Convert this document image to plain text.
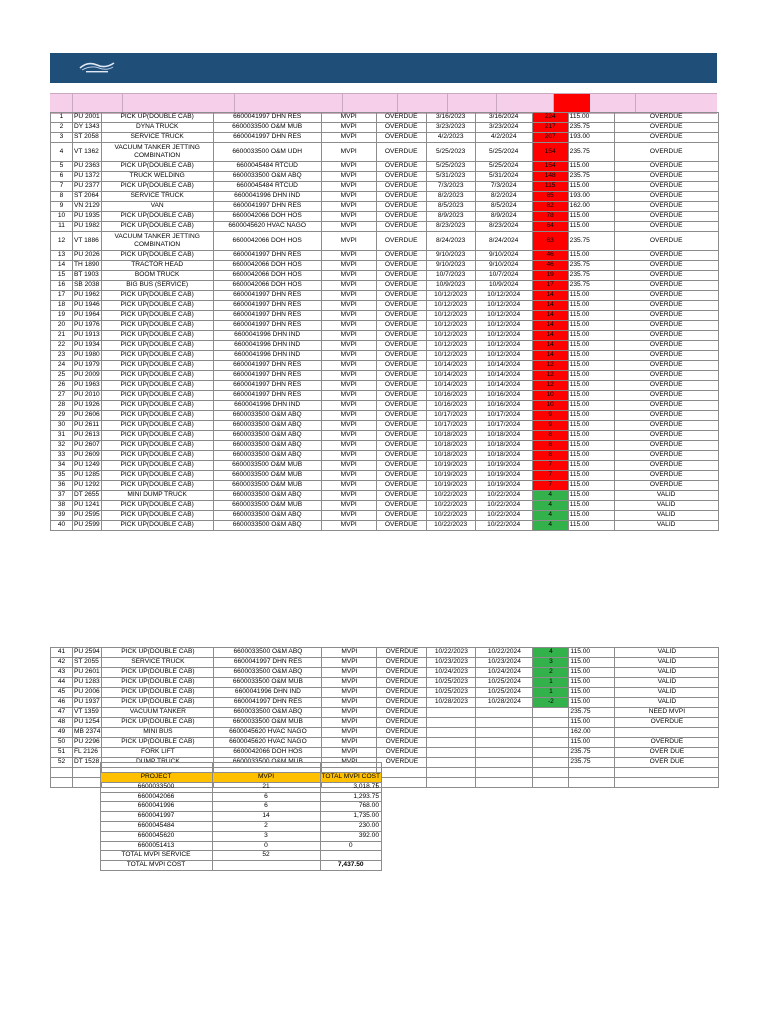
1	PU 2001	PICK UP(DOUBLE CAB)	6600041997 DHN RES	MVPI	OVERDUE	3/16/2023	3/16/2024	224	115.00	OVERDUE
2	DY 1343	DYNA TRUCK	6600033500 O&M MUB	MVPI	OVERDUE	3/23/2023	3/23/2024	217	235.75	OVERDUE
3	ST 2058	SERVICE TRUCK	6600041997 DHN RES	MVPI	OVERDUE	4/2/2023	4/2/2024	207	193.00	OVERDUE
4	VT 1362	VACUUM TANKER JETTING COMBINATION	6600033500 O&M UDH	MVPI	OVERDUE	5/25/2023	5/25/2024	154	235.75	OVERDUE
5	PU 2363	PICK UP(DOUBLE CAB)	6600045484 RTCUD	MVPI	OVERDUE	5/25/2023	5/25/2024	154	115.00	OVERDUE
6	PU 1372	TRUCK WELDING	6600033500 O&M ABQ	MVPI	OVERDUE	5/31/2023	5/31/2024	148	235.75	OVERDUE
7	PU 2377	PICK UP(DOUBLE CAB)	6600045484 RTCUD	MVPI	OVERDUE	7/3/2023	7/3/2024	115	115.00	OVERDUE
8	ST 2064	SERVICE TRUCK	6600041996 DHN IND	MVPI	OVERDUE	8/2/2023	8/2/2024	85	193.00	OVERDUE
9	VN 2129	VAN	6600041997 DHN RES	MVPI	OVERDUE	8/5/2023	8/5/2024	82	162.00	OVERDUE
10	PU 1935	PICK UP(DOUBLE CAB)	6600042066 DOH HOS	MVPI	OVERDUE	8/9/2023	8/9/2024	78	115.00	OVERDUE
11	PU 1982	PICK UP(DOUBLE CAB)	6600045620 HVAC NAGO	MVPI	OVERDUE	8/23/2023	8/23/2024	64	115.00	OVERDUE
12	VT 1886	VACUUM TANKER JETTING COMBINATION	6600042066 DOH HOS	MVPI	OVERDUE	8/24/2023	8/24/2024	63	235.75	OVERDUE
13	PU 2026	PICK UP(DOUBLE CAB)	6600041997 DHN RES	MVPI	OVERDUE	9/10/2023	9/10/2024	46	115.00	OVERDUE
14	TH 1890	TRACTOR HEAD	6600042066 DOH HOS	MVPI	OVERDUE	9/10/2023	9/10/2024	46	235.75	OVERDUE
15	BT 1903	BOOM TRUCK	6600042066 DOH HOS	MVPI	OVERDUE	10/7/2023	10/7/2024	19	235.75	OVERDUE
16	SB 2038	BIG BUS (SERVICE)	6600042066 DOH HOS	MVPI	OVERDUE	10/9/2023	10/9/2024	17	235.75	OVERDUE
17	PU 1962	PICK UP(DOUBLE CAB)	6600041997 DHN RES	MVPI	OVERDUE	10/12/2023	10/12/2024	14	115.00	OVERDUE
18	PU 1946	PICK UP(DOUBLE CAB)	6600041997 DHN RES	MVPI	OVERDUE	10/12/2023	10/12/2024	14	115.00	OVERDUE
19	PU 1964	PICK UP(DOUBLE CAB)	6600041997 DHN RES	MVPI	OVERDUE	10/12/2023	10/12/2024	14	115.00	OVERDUE
20	PU 1976	PICK UP(DOUBLE CAB)	6600041997 DHN RES	MVPI	OVERDUE	10/12/2023	10/12/2024	14	115.00	OVERDUE
21	PU 1913	PICK UP(DOUBLE CAB)	6600041996 DHN IND	MVPI	OVERDUE	10/12/2023	10/12/2024	14	115.00	OVERDUE
22	PU 1934	PICK UP(DOUBLE CAB)	6600041996 DHN IND	MVPI	OVERDUE	10/12/2023	10/12/2024	14	115.00	OVERDUE
23	PU 1980	PICK UP(DOUBLE CAB)	6600041996 DHN IND	MVPI	OVERDUE	10/12/2023	10/12/2024	14	115.00	OVERDUE
24	PU 1979	PICK UP(DOUBLE CAB)	6600041997 DHN RES	MVPI	OVERDUE	10/14/2023	10/14/2024	12	115.00	OVERDUE
25	PU 2009	PICK UP(DOUBLE CAB)	6600041997 DHN RES	MVPI	OVERDUE	10/14/2023	10/14/2024	12	115.00	OVERDUE
26	PU 1963	PICK UP(DOUBLE CAB)	6600041997 DHN RES	MVPI	OVERDUE	10/14/2023	10/14/2024	12	115.00	OVERDUE
27	PU 2010	PICK UP(DOUBLE CAB)	6600041997 DHN RES	MVPI	OVERDUE	10/16/2023	10/16/2024	10	115.00	OVERDUE
28	PU 1926	PICK UP(DOUBLE CAB)	6600041996 DHN IND	MVPI	OVERDUE	10/16/2023	10/16/2024	10	115.00	OVERDUE
29	PU 2606	PICK UP(DOUBLE CAB)	6600033500 O&M ABQ	MVPI	OVERDUE	10/17/2023	10/17/2024	9	115.00	OVERDUE
30	PU 2611	PICK UP(DOUBLE CAB)	6600033500 O&M ABQ	MVPI	OVERDUE	10/17/2023	10/17/2024	9	115.00	OVERDUE
31	PU 2613	PICK UP(DOUBLE CAB)	6600033500 O&M ABQ	MVPI	OVERDUE	10/18/2023	10/18/2024	8	115.00	OVERDUE
32	PU 2607	PICK UP(DOUBLE CAB)	6600033500 O&M ABQ	MVPI	OVERDUE	10/18/2023	10/18/2024	8	115.00	OVERDUE
33	PU 2609	PICK UP(DOUBLE CAB)	6600033500 O&M ABQ	MVPI	OVERDUE	10/18/2023	10/18/2024	8	115.00	OVERDUE
34	PU 1249	PICK UP(DOUBLE CAB)	6600033500 O&M MUB	MVPI	OVERDUE	10/19/2023	10/19/2024	7	115.00	OVERDUE
35	PU 1285	PICK UP(DOUBLE CAB)	6600033500 O&M MUB	MVPI	OVERDUE	10/19/2023	10/19/2024	7	115.00	OVERDUE
36	PU 1292	PICK UP(DOUBLE CAB)	6600033500 O&M MUB	MVPI	OVERDUE	10/19/2023	10/19/2024	7	115.00	OVERDUE
37	DT 2655	MINI DUMP TRUCK	6600033500 O&M ABQ	MVPI	OVERDUE	10/22/2023	10/22/2024	4	115.00	VALID
38	PU 1241	PICK UP(DOUBLE CAB)	6600033500 O&M MUB	MVPI	OVERDUE	10/22/2023	10/22/2024	4	115.00	VALID
39	PU 2595	PICK UP(DOUBLE CAB)	6600033500 O&M ABQ	MVPI	OVERDUE	10/22/2023	10/22/2024	4	115.00	VALID
40	PU 2599	PICK UP(DOUBLE CAB)	6600033500 O&M ABQ	MVPI	OVERDUE	10/22/2023	10/22/2024	4	115.00	VALID
41	PU 2594	PICK UP(DOUBLE CAB)	6600033500 O&M ABQ	MVPI	OVERDUE	10/22/2023	10/22/2024	4	115.00	VALID
42	ST 2055	SERVICE TRUCK	6600041997 DHN RES	MVPI	OVERDUE	10/23/2023	10/23/2024	3	115.00	VALID
43	PU 2601	PICK UP(DOUBLE CAB)	6600033500 O&M ABQ	MVPI	OVERDUE	10/24/2023	10/24/2024	2	115.00	VALID
44	PU 1283	PICK UP(DOUBLE CAB)	6600033500 O&M MUB	MVPI	OVERDUE	10/25/2023	10/25/2024	1	115.00	VALID
45	PU 2006	PICK UP(DOUBLE CAB)	6600041996 DHN IND	MVPI	OVERDUE	10/25/2023	10/25/2024	1	115.00	VALID
46	PU 1937	PICK UP(DOUBLE CAB)	6600041997 DHN RES	MVPI	OVERDUE	10/28/2023	10/28/2024	-2	115.00	VALID
47	VT 1359	VACUUM TANKER	6600033500 O&M ABQ	MVPI	OVERDUE				235.75	NEED MVPI
48	PU 1254	PICK UP(DOUBLE CAB)	6600033500 O&M MUB	MVPI	OVERDUE				115.00	OVERDUE
49	MB 2374	MINI BUS	6600045620 HVAC NAGO	MVPI	OVERDUE				162.00	
50	PU 2296	PICK UP(DOUBLE CAB)	6600045620 HVAC NAGO	MVPI	OVERDUE				115.00	OVERDUE
51	FL 2126	FORK LIFT	6600042066 DOH HOS	MVPI	OVERDUE				235.75	OVER DUE
52	DT 1528	DUMP TRUCK	6600033500 O&M MUB	MVPI	OVERDUE				235.75	OVER DUE

	PROJECT	MVPI	TOTAL MVPI COST
	6600033500	21	3,018.75
	6600042066	6	1,293.75
	6600041996	6	768.00
	6600041997	14	1,735.00
	6600045484	2	230.00
	6600045620	3	392.00
	6600051413	0	0
	TOTAL MVPI SERVICE	52	
	TOTAL MVPI COST		7,437.50
